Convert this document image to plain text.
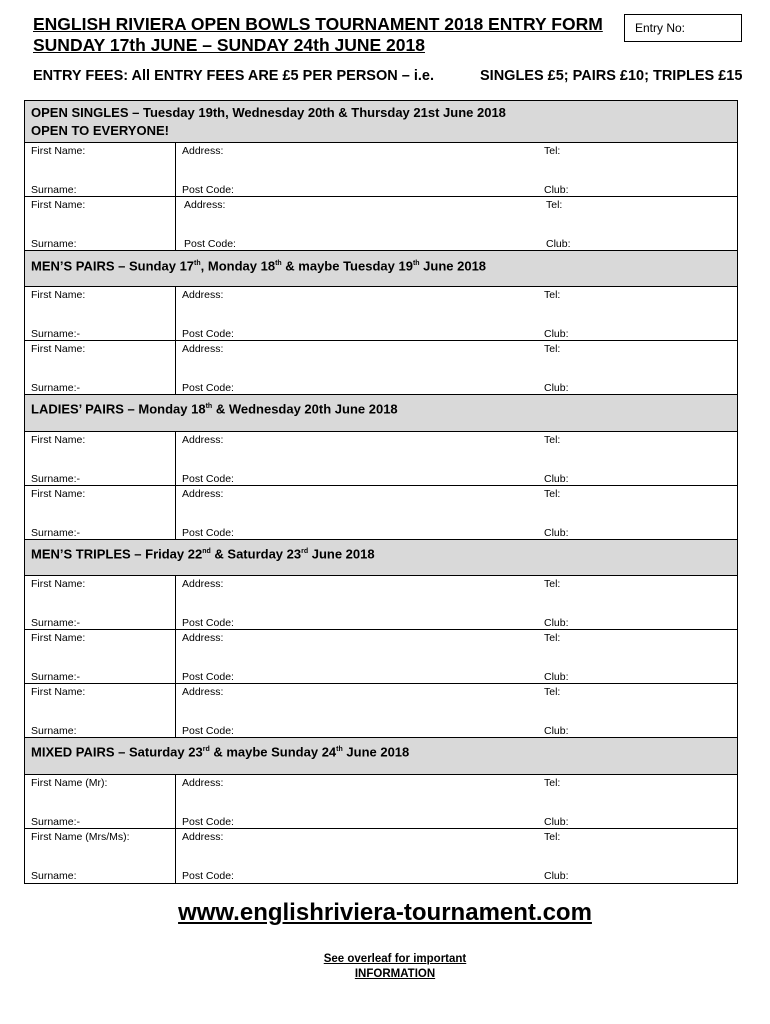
ENGLISH RIVIERA OPEN BOWLS TOURNAMENT 2018 ENTRY FORM
SUNDAY 17th JUNE – SUNDAY 24th JUNE 2018
Entry No:
ENTRY FEES: All ENTRY FEES ARE £5 PER PERSON – i.e.	SINGLES £5; PAIRS £10; TRIPLES £15
OPEN SINGLES – Tuesday 19th, Wednesday 20th & Thursday 21st June 2018
OPEN TO EVERYONE!
First Name:	Address:	Tel:
Surname:	Post Code:	Club:
First Name:	Address:	Tel:
Surname:	Post Code:	Club:
MEN’S PAIRS – Sunday 17th, Monday 18th & maybe Tuesday 19th June 2018
First Name:	Address:	Tel:
Surname:-	Post Code:	Club:
First Name:	Address:	Tel:
Surname:-	Post Code:	Club:
LADIES’ PAIRS – Monday 18th & Wednesday 20th June 2018
First Name:	Address:	Tel:
Surname:-	Post Code:	Club:
First Name:	Address:	Tel:
Surname:-	Post Code:	Club:
MEN’S TRIPLES – Friday 22nd & Saturday 23rd June 2018
First Name:	Address:	Tel:
Surname:-	Post Code:	Club:
First Name:	Address:	Tel:
Surname:-	Post Code:	Club:
First Name:	Address:	Tel:
Surname:	Post Code:	Club:
MIXED PAIRS – Saturday 23rd & maybe Sunday 24th June 2018
First Name (Mr):	Address:	Tel:
Surname:-	Post Code:	Club:
First Name (Mrs/Ms):	Address:	Tel:
Surname:	Post Code:	Club:
www.englishriviera-tournament.com
See overleaf for important
INFORMATION
